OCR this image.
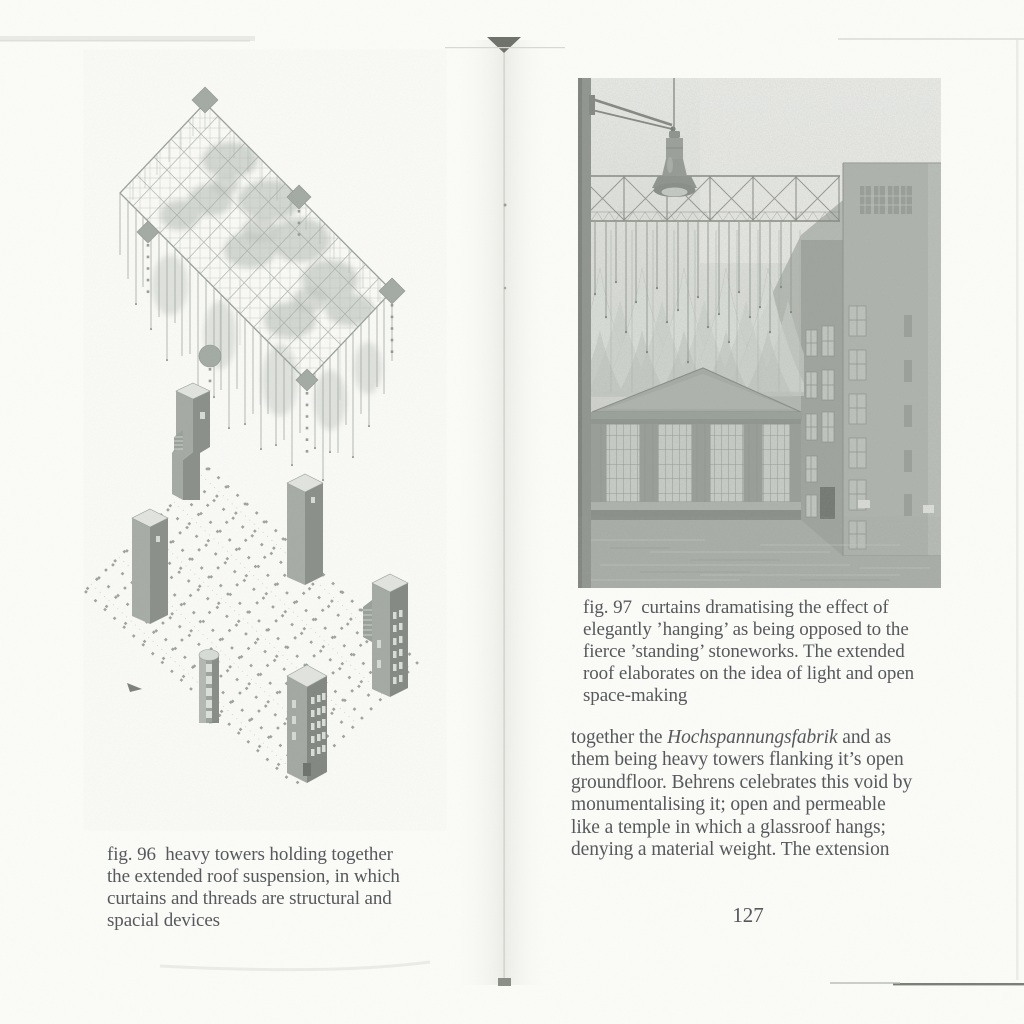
fig. 96  heavy towers holding together
the extended roof suspension, in which
curtains and threads are structural and
spacial devices
fig. 97  curtains dramatising the effect of
elegantly ’hanging’ as being opposed to the
fierce ’standing’ stoneworks. The extended
roof elaborates on the idea of light and open
space-making
together the Hochspannungsfabrik and as
them being heavy towers flanking it’s open
groundfloor. Behrens celebrates this void by
monumentalising it; open and permeable
like a temple in which a glassroof hangs;
denying a material weight. The extension
127
